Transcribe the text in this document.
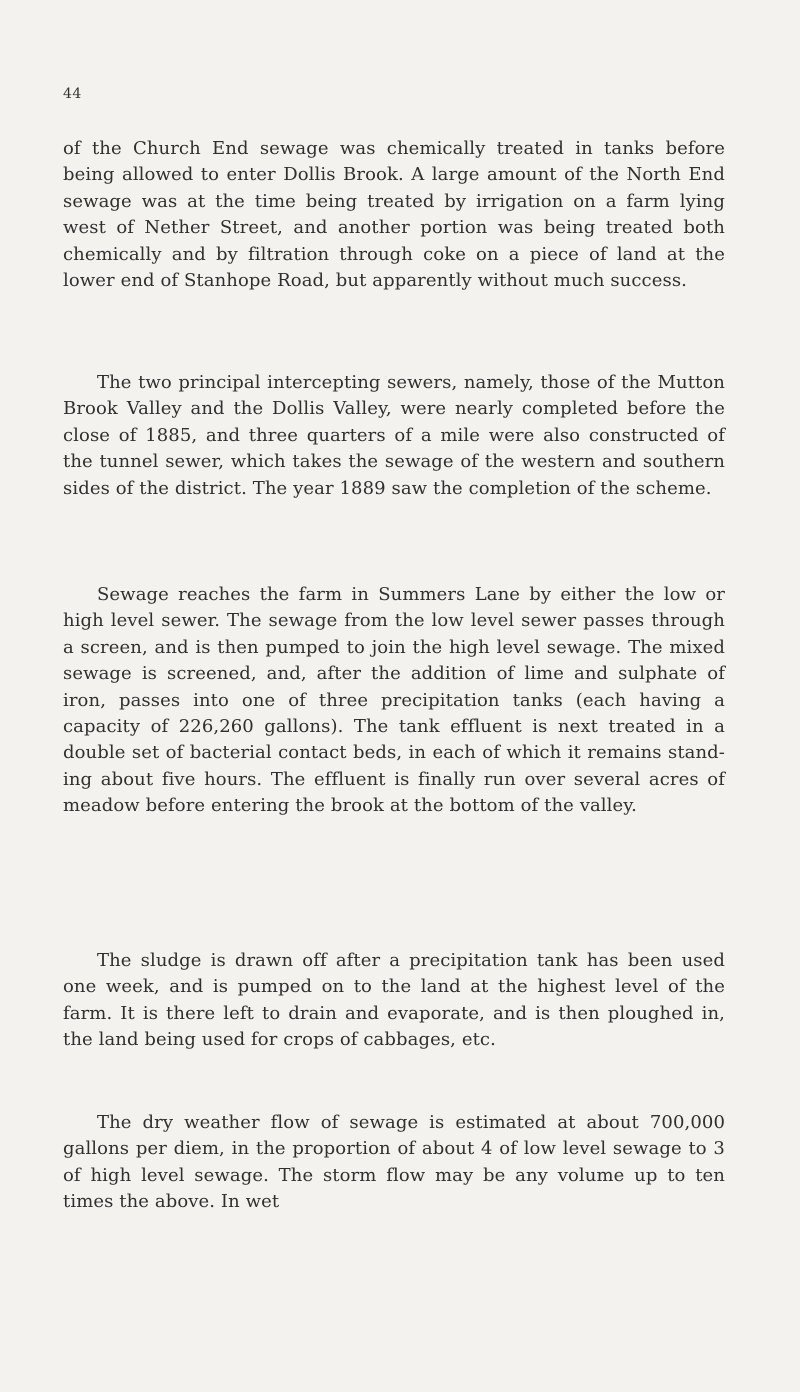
44

of the Church End sewage was chemically treated in tanks before being allowed to enter Dollis Brook. A large amount of the North End sewage was at the time being treated by irrigation on a farm lying west of Nether Street, and another portion was being treated both chemically and by filtration through coke on a piece of land at the lower end of Stanhope Road, but apparently without much success.

The two principal intercepting sewers, namely, those of the Mutton Brook Valley and the Dollis Valley, were nearly completed before the close of 1885, and three quarters of a mile were also constructed of the tunnel sewer, which takes the sewage of the western and southern sides of the district. The year 1889 saw the completion of the scheme.

Sewage reaches the farm in Summers Lane by either the low or high level sewer. The sewage from the low level sewer passes through a screen, and is then pumped to join the high level sewage. The mixed sewage is screened, and, after the addition of lime and sulphate of iron, passes into one of three precipitation tanks (each having a capacity of 226,260 gallons). The tank effluent is next treated in a double set of bacterial contact beds, in each of which it remains stand- ing about five hours. The effluent is finally run over several acres of meadow before entering the brook at the bottom of the valley.

The sludge is drawn off after a precipitation tank has been used one week, and is pumped on to the land at the highest level of the farm. It is there left to drain and evaporate, and is then ploughed in, the land being used for crops of cabbages, etc.

The dry weather flow of sewage is estimated at about 700,000 gallons per diem, in the proportion of about 4 of low level sewage to 3 of high level sewage. The storm flow may be any volume up to ten times the above. In wet
